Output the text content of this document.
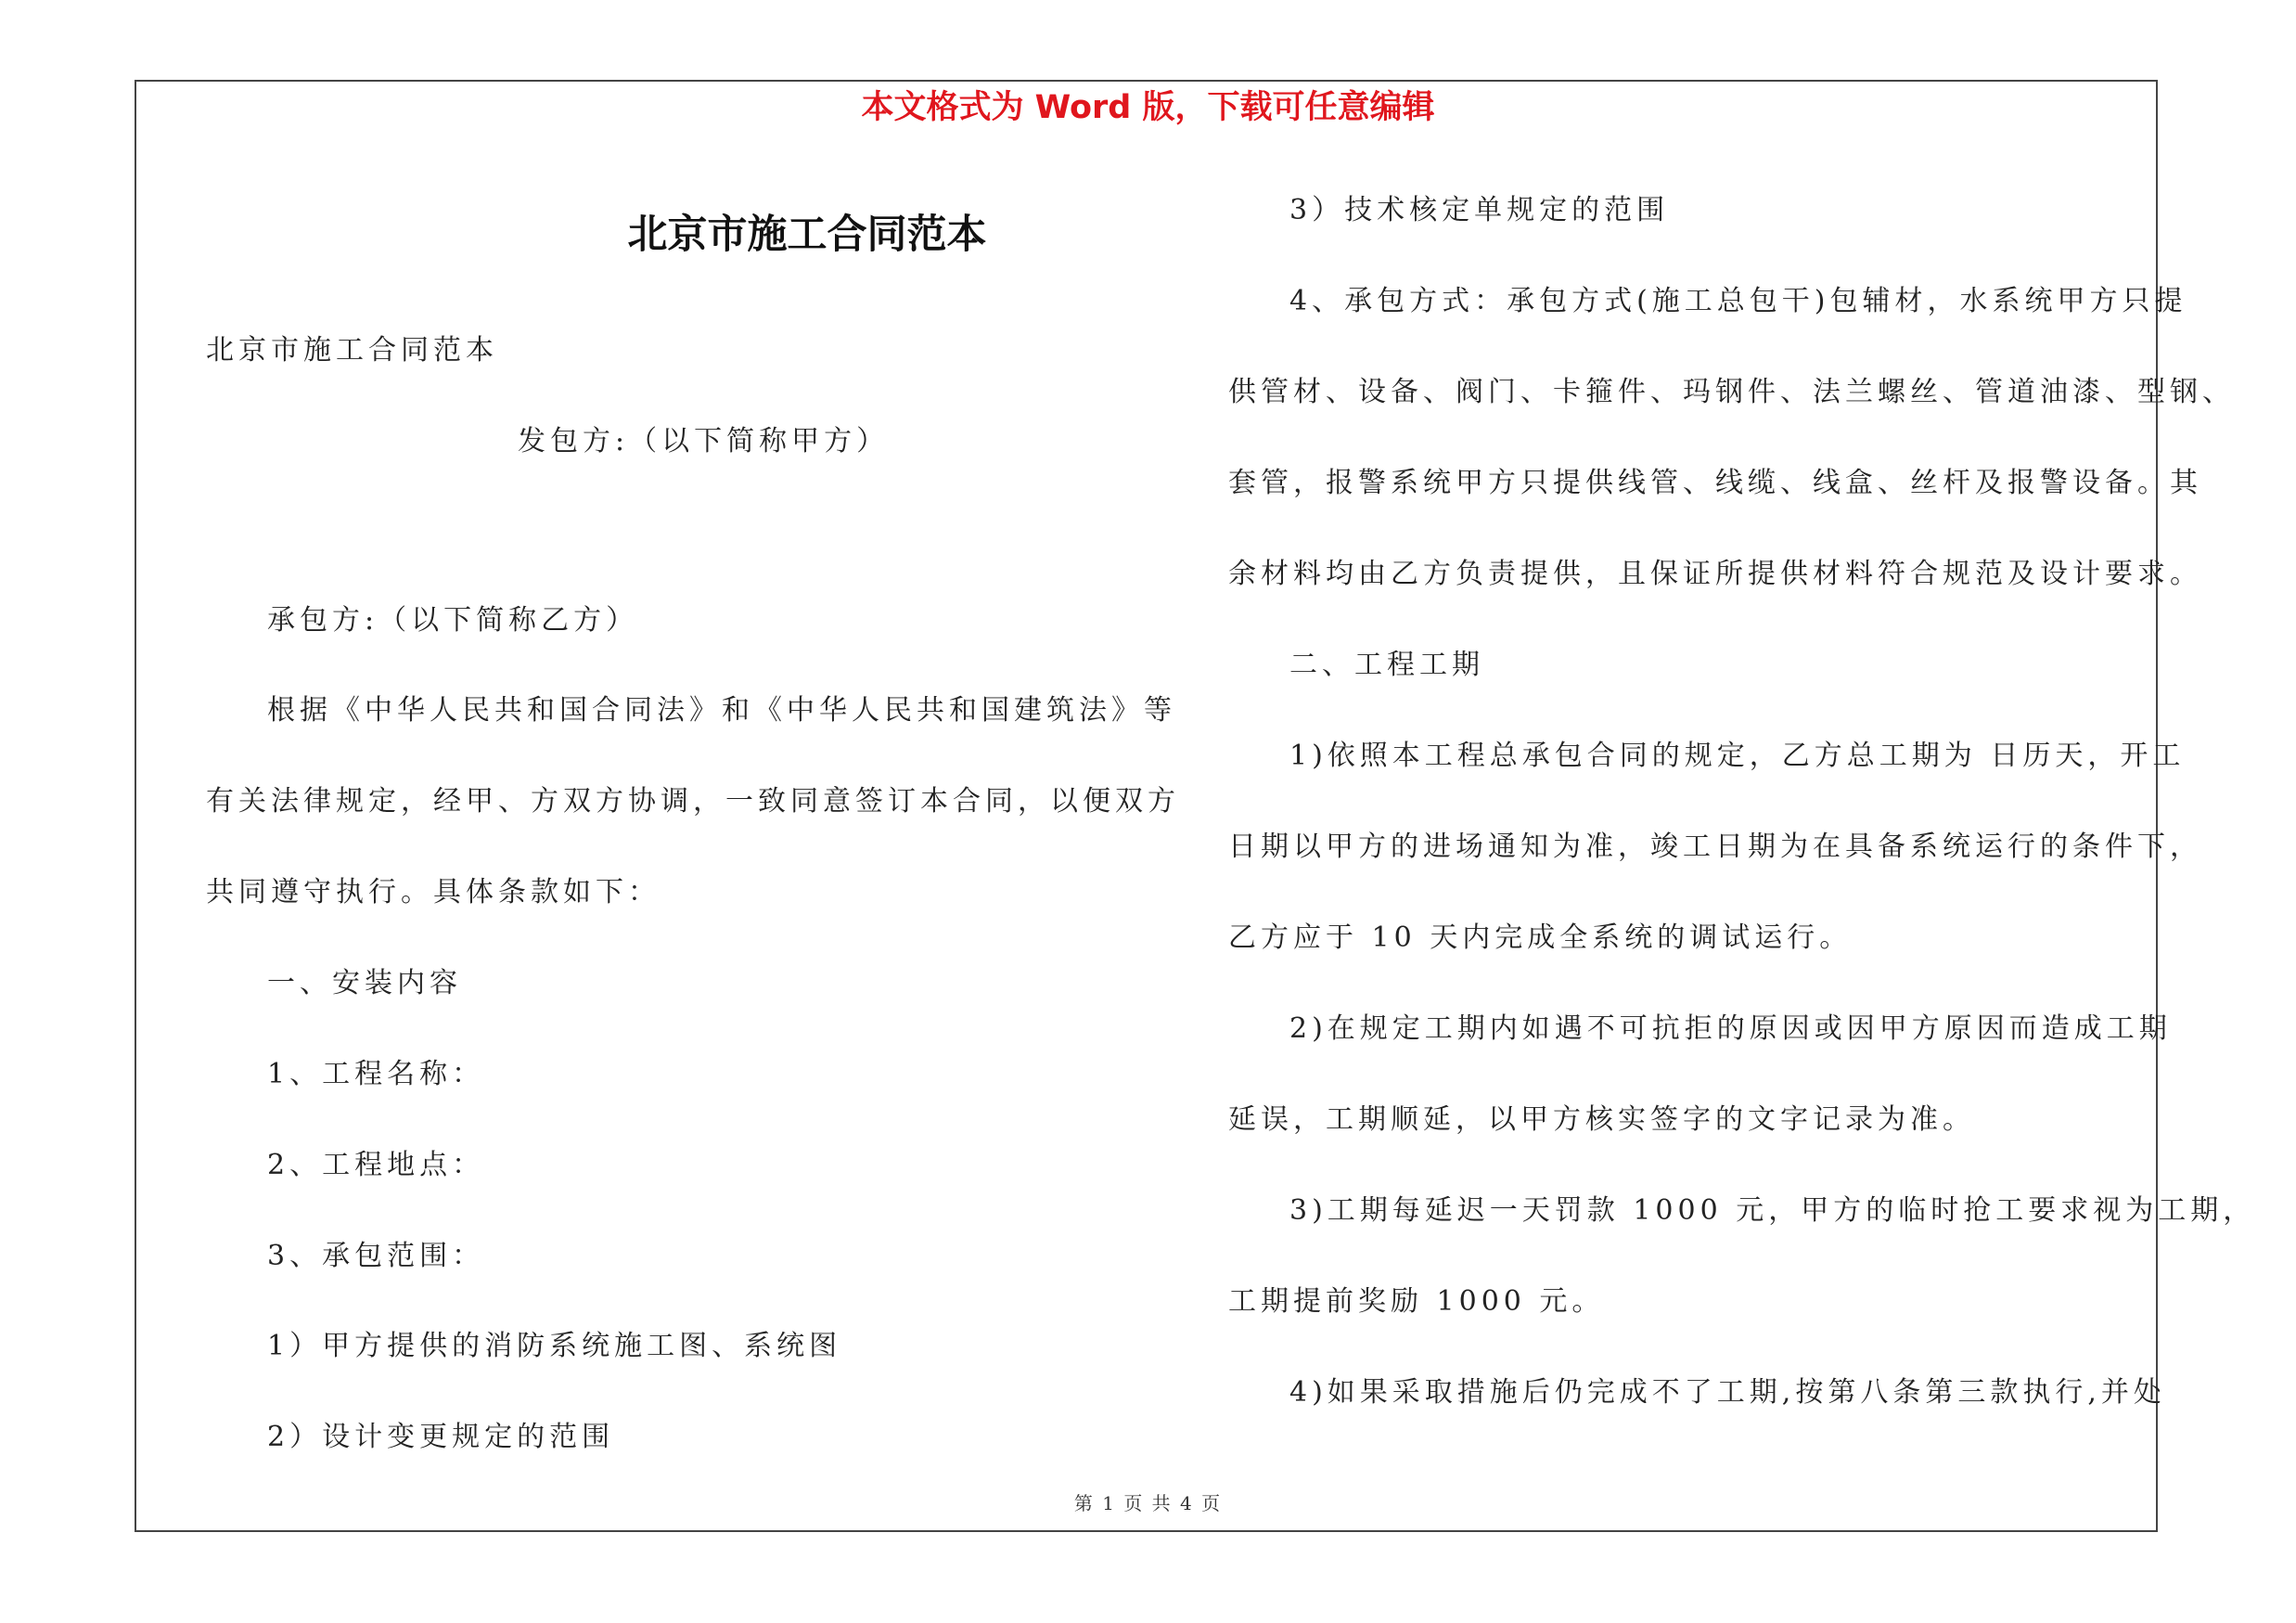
本文格式为 Word 版，下载可任意编辑
北京市施工合同范本
北京市施工合同范本
发包方:（以下简称甲方）
承包方:（以下简称乙方）
根据《中华人民共和国合同法》和《中华人民共和国建筑法》等
有关法律规定，经甲、方双方协调，一致同意签订本合同，以便双方
共同遵守执行。具体条款如下：
一、安装内容
1、工程名称：
2、工程地点：
3、承包范围：
1）甲方提供的消防系统施工图、系统图
2）设计变更规定的范围
3）技术核定单规定的范围
4、承包方式：承包方式(施工总包干)包辅材，水系统甲方只提
供管材、设备、阀门、卡箍件、玛钢件、法兰螺丝、管道油漆、型钢、
套管，报警系统甲方只提供线管、线缆、线盒、丝杆及报警设备。其
余材料均由乙方负责提供，且保证所提供材料符合规范及设计要求。
二、工程工期
1)依照本工程总承包合同的规定，乙方总工期为 日历天，开工
日期以甲方的进场通知为准，竣工日期为在具备系统运行的条件下，
乙方应于 10 天内完成全系统的调试运行。
2)在规定工期内如遇不可抗拒的原因或因甲方原因而造成工期
延误，工期顺延，以甲方核实签字的文字记录为准。
3)工期每延迟一天罚款 1000 元，甲方的临时抢工要求视为工期，
工期提前奖励 1000 元。
4)如果采取措施后仍完成不了工期,按第八条第三款执行,并处
第 1 页 共 4 页
